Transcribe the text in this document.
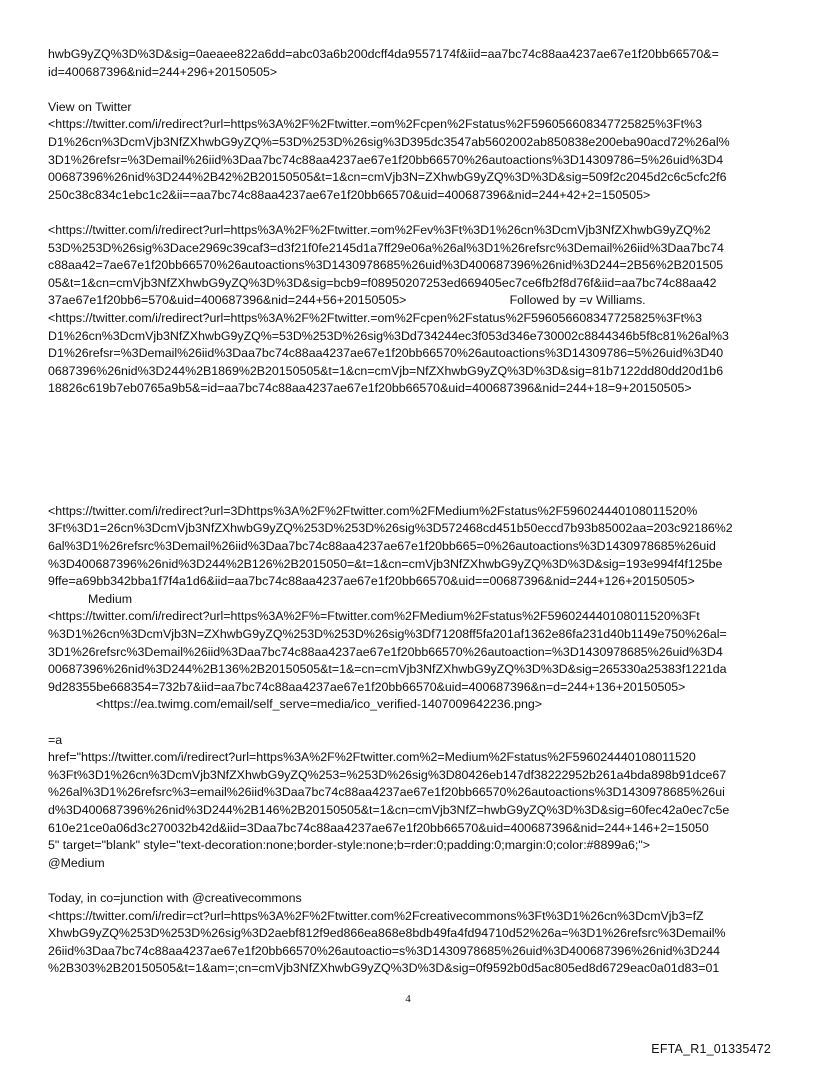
hwbG9yZQ%3D%3D&sig=0aeaee822a6dd=abc03a6b200dcff4da9557174f&iid=aa7bc74c88aa4237ae67e1f20bb66570&=
id=400687396&nid=244+296+20150505>
View on Twitter
<https://twitter.com/i/redirect?url=https%3A%2F%2Ftwitter.=om%2Fcpen%2Fstatus%2F596056608347725825%3Ft%3
D1%26cn%3DcmVjb3NfZXhwbG9yZQ%=53D%253D%26sig%3D395dc3547ab5602002ab850838e200eba90acd72%26al%
3D1%26refsr=%3Demail%26iid%3Daa7bc74c88aa4237ae67e1f20bb66570%26autoactions%3D14309786=5%26uid%3D4
00687396%26nid%3D244%2B42%2B20150505&t=1&cn=cmVjb3N=ZXhwbG9yZQ%3D%3D&sig=509f2c2045d2c6c5cfc2f6
250c38c834c1ebc1c2&ii==aa7bc74c88aa4237ae67e1f20bb66570&uid=400687396&nid=244+42+2=150505>
<https://twitter.com/i/redirect?url=https%3A%2F%2Ftwitter.=om%2Fev%3Ft%3D1%26cn%3DcmVjb3NfZXhwbG9yZQ%2
53D%253D%26sig%3Dace2969c39caf3=d3f21f0fe2145d1a7ff29e06a%26al%3D1%26refsrc%3Demail%26iid%3Daa7bc74
c88aa42=7ae67e1f20bb66570%26autoactions%3D1430978685%26uid%3D400687396%26nid%3D244=2B56%2B201505
05&t=1&cn=cmVjb3NfZXhwbG9yZQ%3D%3D&sig=bcb9=f08950207253ed669405ec7ce6fb2f8d76f&iid=aa7bc74c88aa42
37ae67e1f20bb6=570&uid=400687396&nid=244+56+20150505>                              Followed by =v Williams.
<https://twitter.com/i/redirect?url=https%3A%2F%2Ftwitter.=om%2Fcpen%2Fstatus%2F596056608347725825%3Ft%3
D1%26cn%3DcmVjb3NfZXhwbG9yZQ%=53D%253D%26sig%3Dd734244ec3f053d346e730002c8844346b5f8c81%26al%3
D1%26refsr=%3Demail%26iid%3Daa7bc74c88aa4237ae67e1f20bb66570%26autoactions%3D14309786=5%26uid%3D40
0687396%26nid%3D244%2B1869%2B20150505&t=1&cn=cmVjb=NfZXhwbG9yZQ%3D%3D&sig=81b7122dd80dd20d1b6
18826c619b7eb0765a9b5&=id=aa7bc74c88aa4237ae67e1f20bb66570&uid=400687396&nid=244+18=9+20150505>
<https://twitter.com/i/redirect?url=3Dhttps%3A%2F%2Ftwitter.com%2FMedium%2Fstatus%2F596024440108011520%
3Ft%3D1=26cn%3DcmVjb3NfZXhwbG9yZQ%253D%253D%26sig%3D572468cd451b50eccd7b93b85002aa=203c92186%2
6al%3D1%26refsrc%3Demail%26iid%3Daa7bc74c88aa4237ae67e1f20bb665=0%26autoactions%3D1430978685%26uid
%3D400687396%26nid%3D244%2B126%2B2015050=&t=1&cn=cmVjb3NfZXhwbG9yZQ%3D%3D&sig=193e994f4f125be
9ffe=a69bb342bba1f7f4a1d6&iid=aa7bc74c88aa4237ae67e1f20bb66570&uid==00687396&nid=244+126+20150505>
Medium
<https://twitter.com/i/redirect?url=https%3A%2F%=Ftwitter.com%2FMedium%2Fstatus%2F596024440108011520%3Ft
%3D1%26cn%3DcmVjb3N=ZXhwbG9yZQ%253D%253D%26sig%3Df71208ff5fa201af1362e86fa231d40b1149e750%26al=
3D1%26refsrc%3Demail%26iid%3Daa7bc74c88aa4237ae67e1f20bb66570%26autoaction=%3D1430978685%26uid%3D4
00687396%26nid%3D244%2B136%2B20150505&t=1&=cn=cmVjb3NfZXhwbG9yZQ%3D%3D&sig=265330a25383f1221da
9d28355be668354=732b7&iid=aa7bc74c88aa4237ae67e1f20bb66570&uid=400687396&n=d=244+136+20150505>
<https://ea.twimg.com/email/self_serve=media/ico_verified-1407009642236.png>
=a
href="https://twitter.com/i/redirect?url=https%3A%2F%2Ftwitter.com%2=Medium%2Fstatus%2F596024440108011520
%3Ft%3D1%26cn%3DcmVjb3NfZXhwbG9yZQ%253=%253D%26sig%3D80426eb147df38222952b261a4bda898b91dce67
%26al%3D1%26refsrc%3=email%26iid%3Daa7bc74c88aa4237ae67e1f20bb66570%26autoactions%3D1430978685%26ui
d%3D400687396%26nid%3D244%2B146%2B20150505&t=1&cn=cmVjb3NfZ=hwbG9yZQ%3D%3D&sig=60fec42a0ec7c5e
610e21ce0a06d3c270032b42d&iid=3Daa7bc74c88aa4237ae67e1f20bb66570&uid=400687396&nid=244+146+2=15050
5" target="blank" style="text-decoration:none;border-style:none;b=rder:0;padding:0;margin:0;color:#8899a6;">
@Medium
Today, in co=junction with @creativecommons
<https://twitter.com/i/redir=ct?url=https%3A%2F%2Ftwitter.com%2Fcreativecommons%3Ft%3D1%26cn%3DcmVjb3=fZ
XhwbG9yZQ%253D%253D%26sig%3D2aebf812f9ed866ea868e8bdb49fa4fd94710d52%26a=%3D1%26refsrc%3Demail%
26iid%3Daa7bc74c88aa4237ae67e1f20bb66570%26autoactio=s%3D1430978685%26uid%3D400687396%26nid%3D244
%2B303%2B20150505&t=1&am=;cn=cmVjb3NfZXhwbG9yZQ%3D%3D&sig=0f9592b0d5ac805ed8d6729eac0a01d83=01
4
EFTA_R1_01335472
